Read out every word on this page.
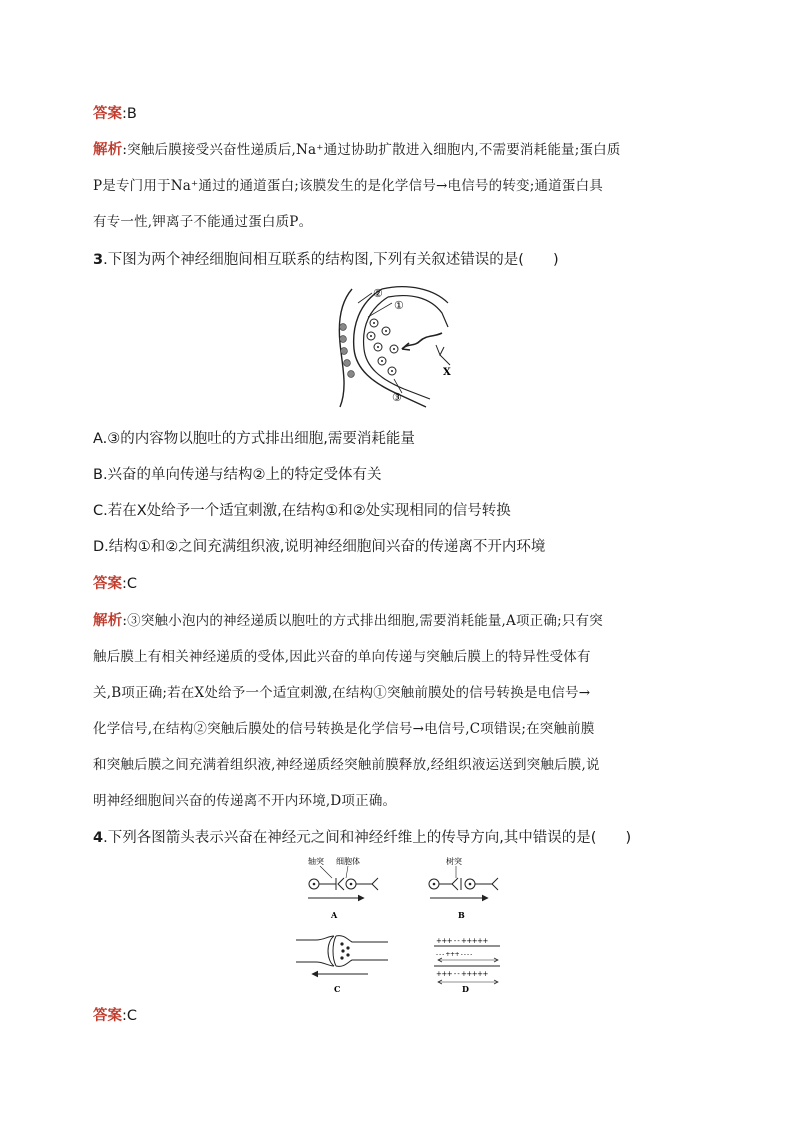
答案:B
解析:突触后膜接受兴奋性递质后,Na⁺通过协助扩散进入细胞内,不需要消耗能量;蛋白质
P是专门用于Na⁺通过的通道蛋白;该膜发生的是化学信号→电信号的转变;通道蛋白具
有专一性,钾离子不能通过蛋白质P。
3.下图为两个神经细胞间相互联系的结构图,下列有关叙述错误的是(　　)
②
①
X
③
A.③的内容物以胞吐的方式排出细胞,需要消耗能量
B.兴奋的单向传递与结构②上的特定受体有关
C.若在X处给予一个适宜刺激,在结构①和②处实现相同的信号转换
D.结构①和②之间充满组织液,说明神经细胞间兴奋的传递离不开内环境
答案:C
解析:③突触小泡内的神经递质以胞吐的方式排出细胞,需要消耗能量,A项正确;只有突
触后膜上有相关神经递质的受体,因此兴奋的单向传递与突触后膜上的特异性受体有
关,B项正确;若在X处给予一个适宜刺激,在结构①突触前膜处的信号转换是电信号→
化学信号,在结构②突触后膜处的信号转换是化学信号→电信号,C项错误;在突触前膜
和突触后膜之间充满着组织液,神经递质经突触前膜释放,经组织液运送到突触后膜,说
明神经细胞间兴奋的传递离不开内环境,D项正确。
4.下列各图箭头表示兴奋在神经元之间和神经纤维上的传导方向,其中错误的是(　　)
轴突 细胞体
A
树突
B
C
+++ - - +++++
- - - +++ - - - -
+++ - - +++++
D
答案:C
